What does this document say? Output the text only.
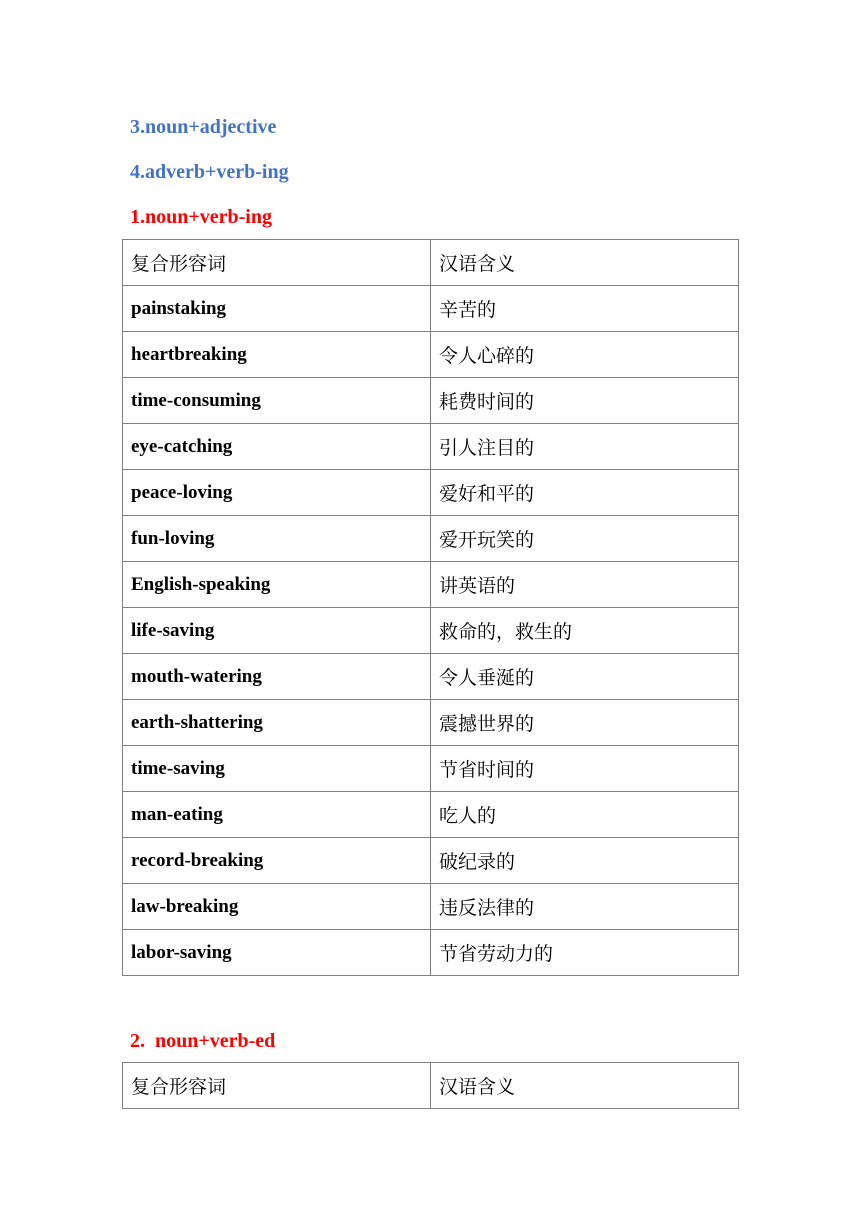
3.noun+adjective

4.adverb+verb-ing

1.noun+verb-ing

复合形容词	汉语含义
painstaking	辛苦的
heartbreaking	令人心碎的
time-consuming	耗费时间的
eye-catching	引人注目的
peace-loving	爱好和平的
fun-loving	爱开玩笑的
English-speaking	讲英语的
life-saving	救命的，救生的
mouth-watering	令人垂涎的
earth-shattering	震撼世界的
time-saving	节省时间的
man-eating	吃人的
record-breaking	破纪录的
law-breaking	违反法律的
labor-saving	节省劳动力的

2.  noun+verb-ed

复合形容词	汉语含义
